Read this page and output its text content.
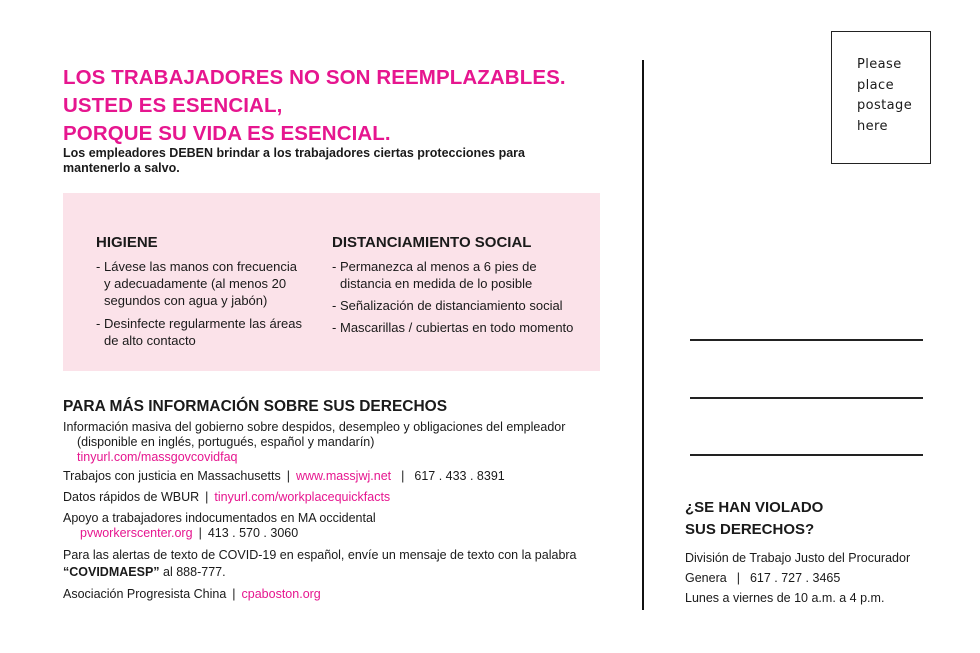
LOS TRABAJADORES NO SON REEMPLAZABLES.
USTED ES ESENCIAL,
PORQUE SU VIDA ES ESENCIAL.
Los empleadores DEBEN brindar a los trabajadores ciertas protecciones para mantenerlo a salvo.
HIGIENE
- Lávese las manos con frecuencia
y adecuadamente (al menos 20
segundos con agua y jabón)
- Desinfecte regularmente las áreas
de alto contacto
DISTANCIAMIENTO SOCIAL
- Permanezca al menos a 6 pies de
distancia en medida de lo posible
- Señalización de distanciamiento social
- Mascarillas / cubiertas en todo momento
PARA MÁS INFORMACIÓN SOBRE SUS DERECHOS
Información masiva del gobierno sobre despidos, desempleo y obligaciones del empleador
(disponible en inglés, portugués, español y mandarín)
tinyurl.com/massgovcovidfaq
Trabajos con justicia en Massachusetts | www.massjwj.net | 617 . 433 . 8391
Datos rápidos de WBUR | tinyurl.com/workplacequickfacts
Apoyo a trabajadores indocumentados en MA occidental
pvworkerscenter.org | 413 . 570 . 3060
Para las alertas de texto de COVID-19 en español, envíe un mensaje de texto con la palabra
“COVIDMAESP” al 888-777.
Asociación Progresista China | cpaboston.org
Please
place
postage
here
¿SE HAN VIOLADO
SUS DERECHOS?
División de Trabajo Justo del Procurador
Genera | 617 . 727 . 3465
Lunes a viernes de 10 a.m. a 4 p.m.
